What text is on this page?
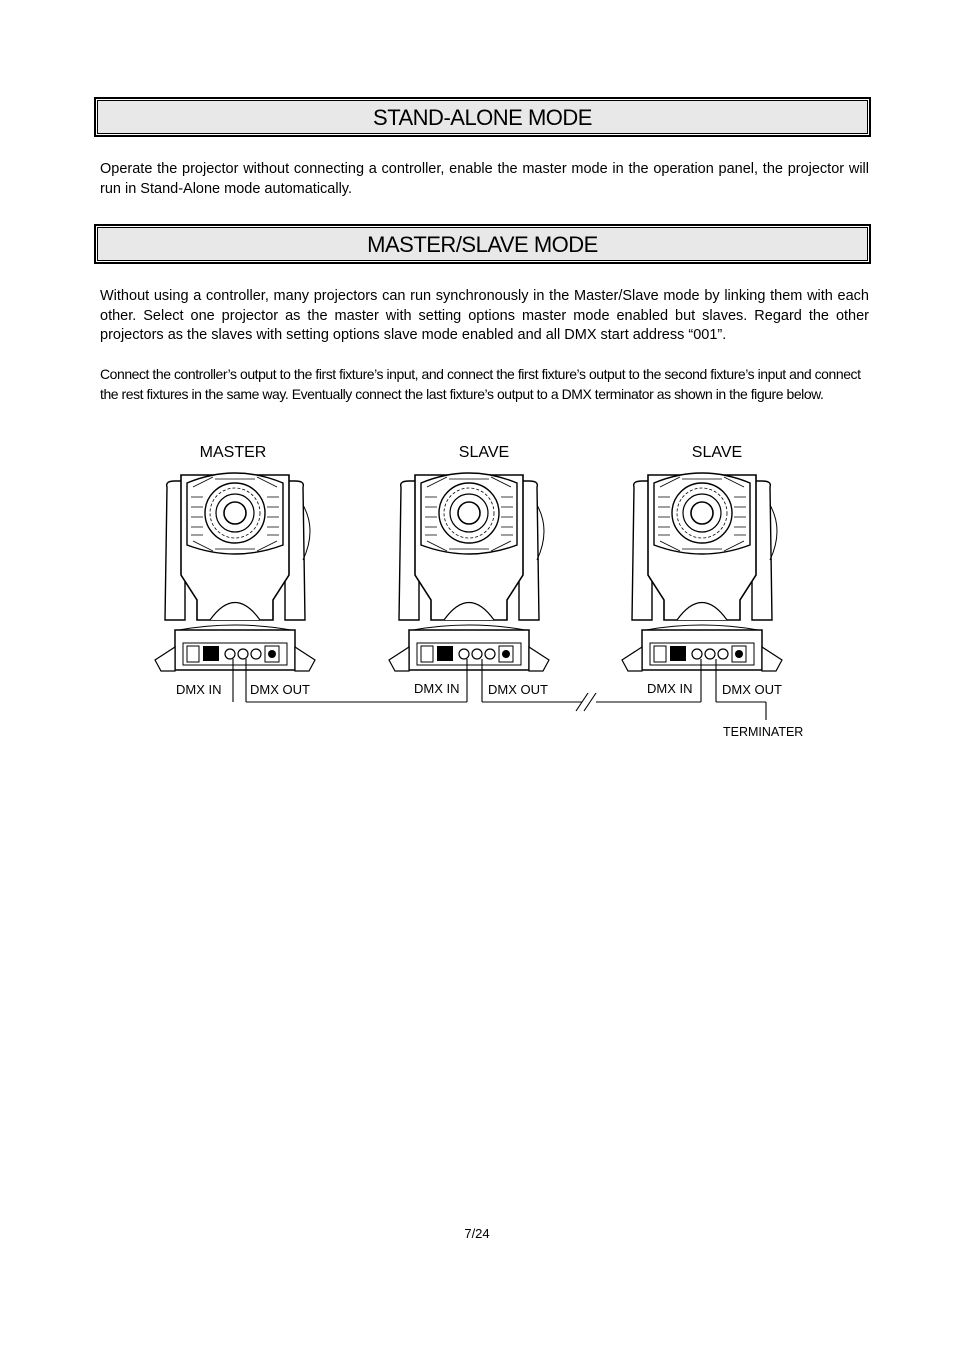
STAND-ALONE MODE

Operate the projector without connecting a controller, enable the master mode in the operation panel, the projector will run in Stand-Alone mode automatically.

MASTER/SLAVE MODE

Without using a controller, many projectors can run synchronously in the Master/Slave mode by linking them with each other. Select one projector as the master with setting options master mode enabled but slaves. Regard the other projectors as the slaves with setting options slave mode enabled and all DMX start address “001”.

Connect the controller’s output to the first fixture’s input, and connect the first fixture’s output to the second fixture’s input and connect the rest fixtures in the same way. Eventually connect the last fixture’s output to a DMX terminator as shown in the figure below.

MASTER
DMX IN DMX OUT
SLAVE
DMX IN DMX OUT
SLAVE
DMX IN DMX OUT
TERMINATER
7/24
